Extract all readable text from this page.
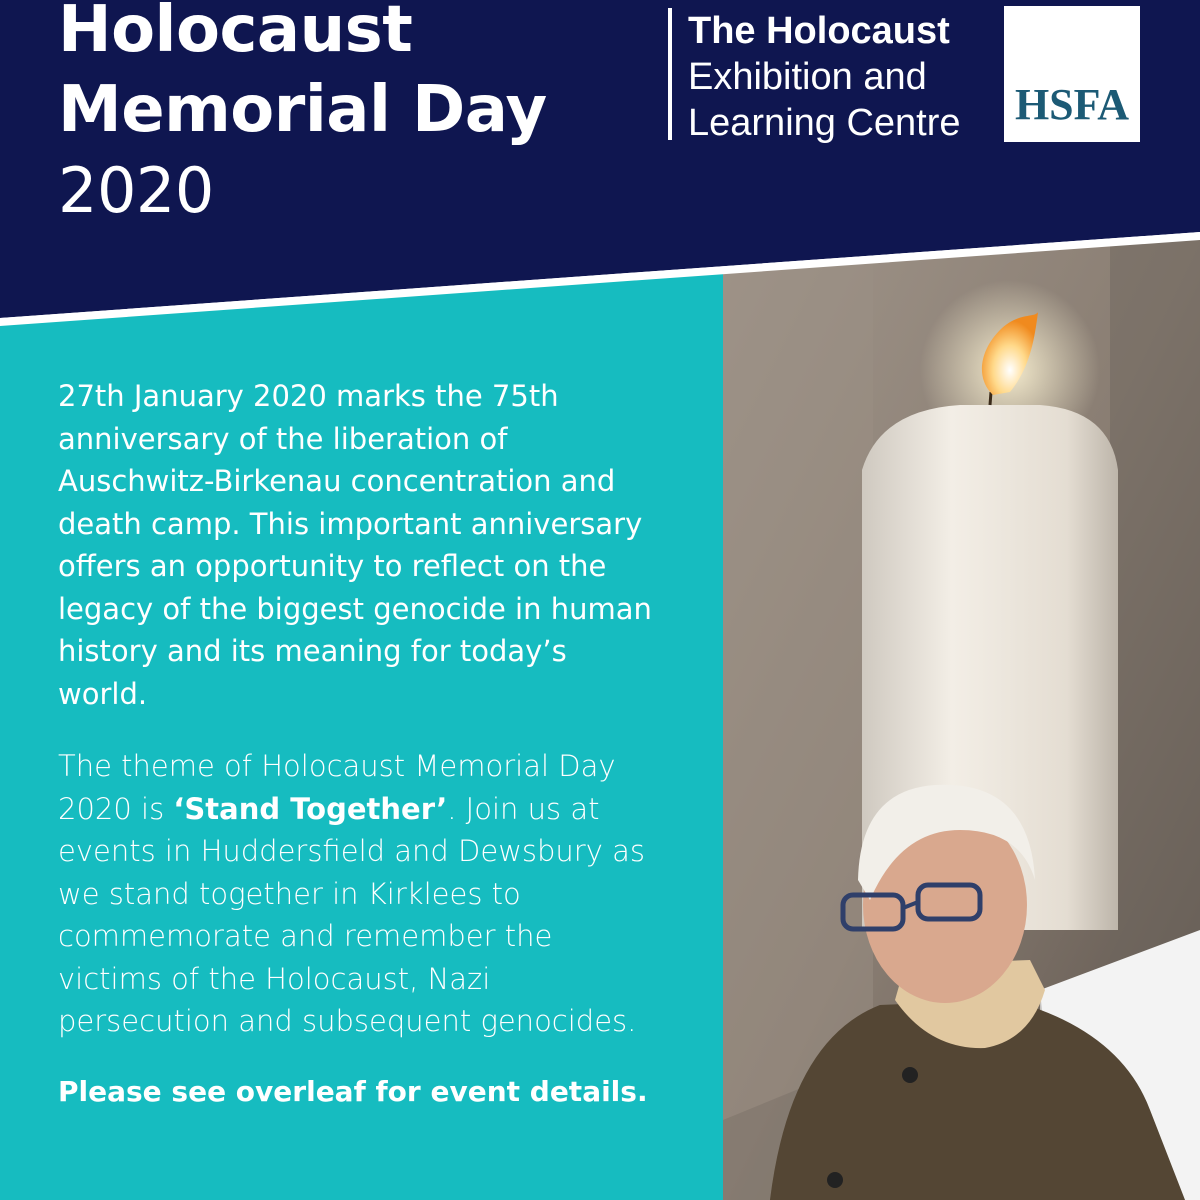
Holocaust
Memorial Day
2020
The Holocaust
Exhibition and
Learning Centre HSFA

27th January 2020 marks the 75th anniversary of the liberation of Auschwitz-Birkenau concentration and death camp. This important anniversary offers an opportunity to reflect on the legacy of the biggest genocide in human history and its meaning for today’s world.

The theme of Holocaust Memorial Day 2020 is ‘Stand Together’. Join us at events in Huddersfield and Dewsbury as we stand together in Kirklees to commemorate and remember the victims of the Holocaust, Nazi persecution and subsequent genocides.

Please see overleaf for event details.
